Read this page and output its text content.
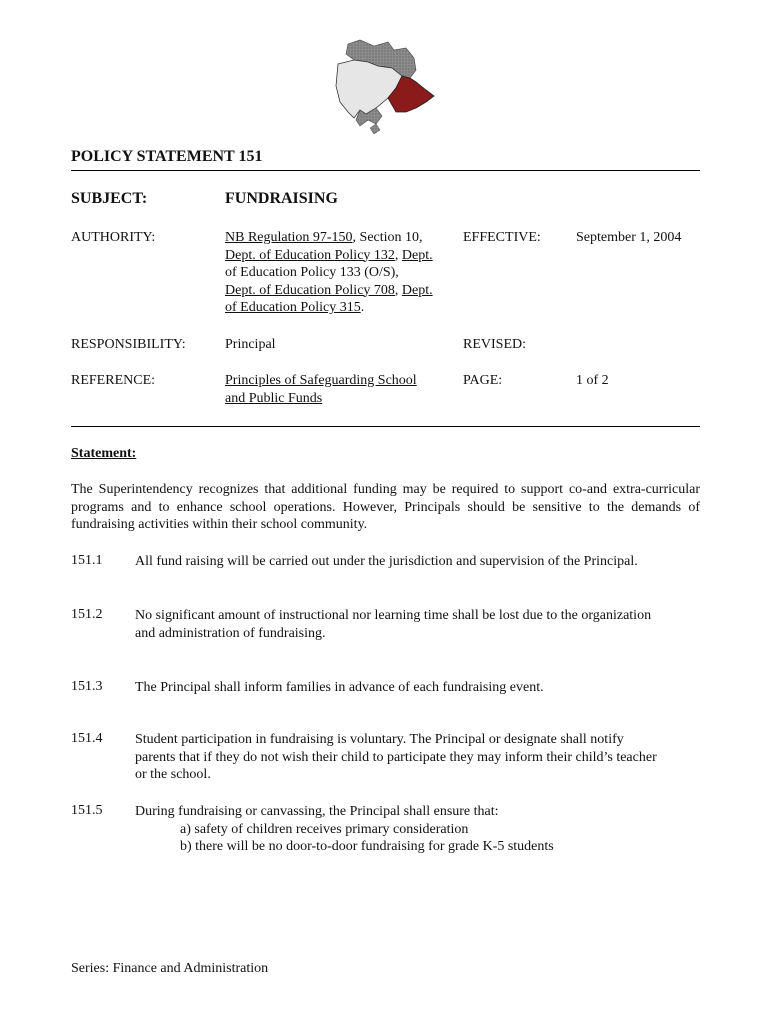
POLICY STATEMENT 151
SUBJECT:	FUNDRAISING
AUTHORITY:	NB Regulation 97-150, Section 10,
Dept. of Education Policy 132, Dept.
of Education Policy 133 (O/S),
Dept. of Education Policy 708, Dept.
of Education Policy 315.
EFFECTIVE:	September 1, 2004
RESPONSIBILITY:	Principal	REVISED:
REFERENCE:	Principles of Safeguarding School
and Public Funds
PAGE:	1 of 2
Statement:
The Superintendency recognizes that additional funding may be required to support co-and extra-curricular programs and to enhance school operations. However, Principals should be sensitive to the demands of fundraising activities within their school community.
151.1 All fund raising will be carried out under the jurisdiction and supervision of the Principal.
151.2 No significant amount of instructional nor learning time shall be lost due to the organization
and administration of fundraising.
151.3 The Principal shall inform families in advance of each fundraising event.
151.4 Student participation in fundraising is voluntary. The Principal or designate shall notify
parents that if they do not wish their child to participate they may inform their child’s teacher
or the school.
151.5 During fundraising or canvassing, the Principal shall ensure that:
a) safety of children receives primary consideration
b) there will be no door-to-door fundraising for grade K-5 students
Series: Finance and Administration
